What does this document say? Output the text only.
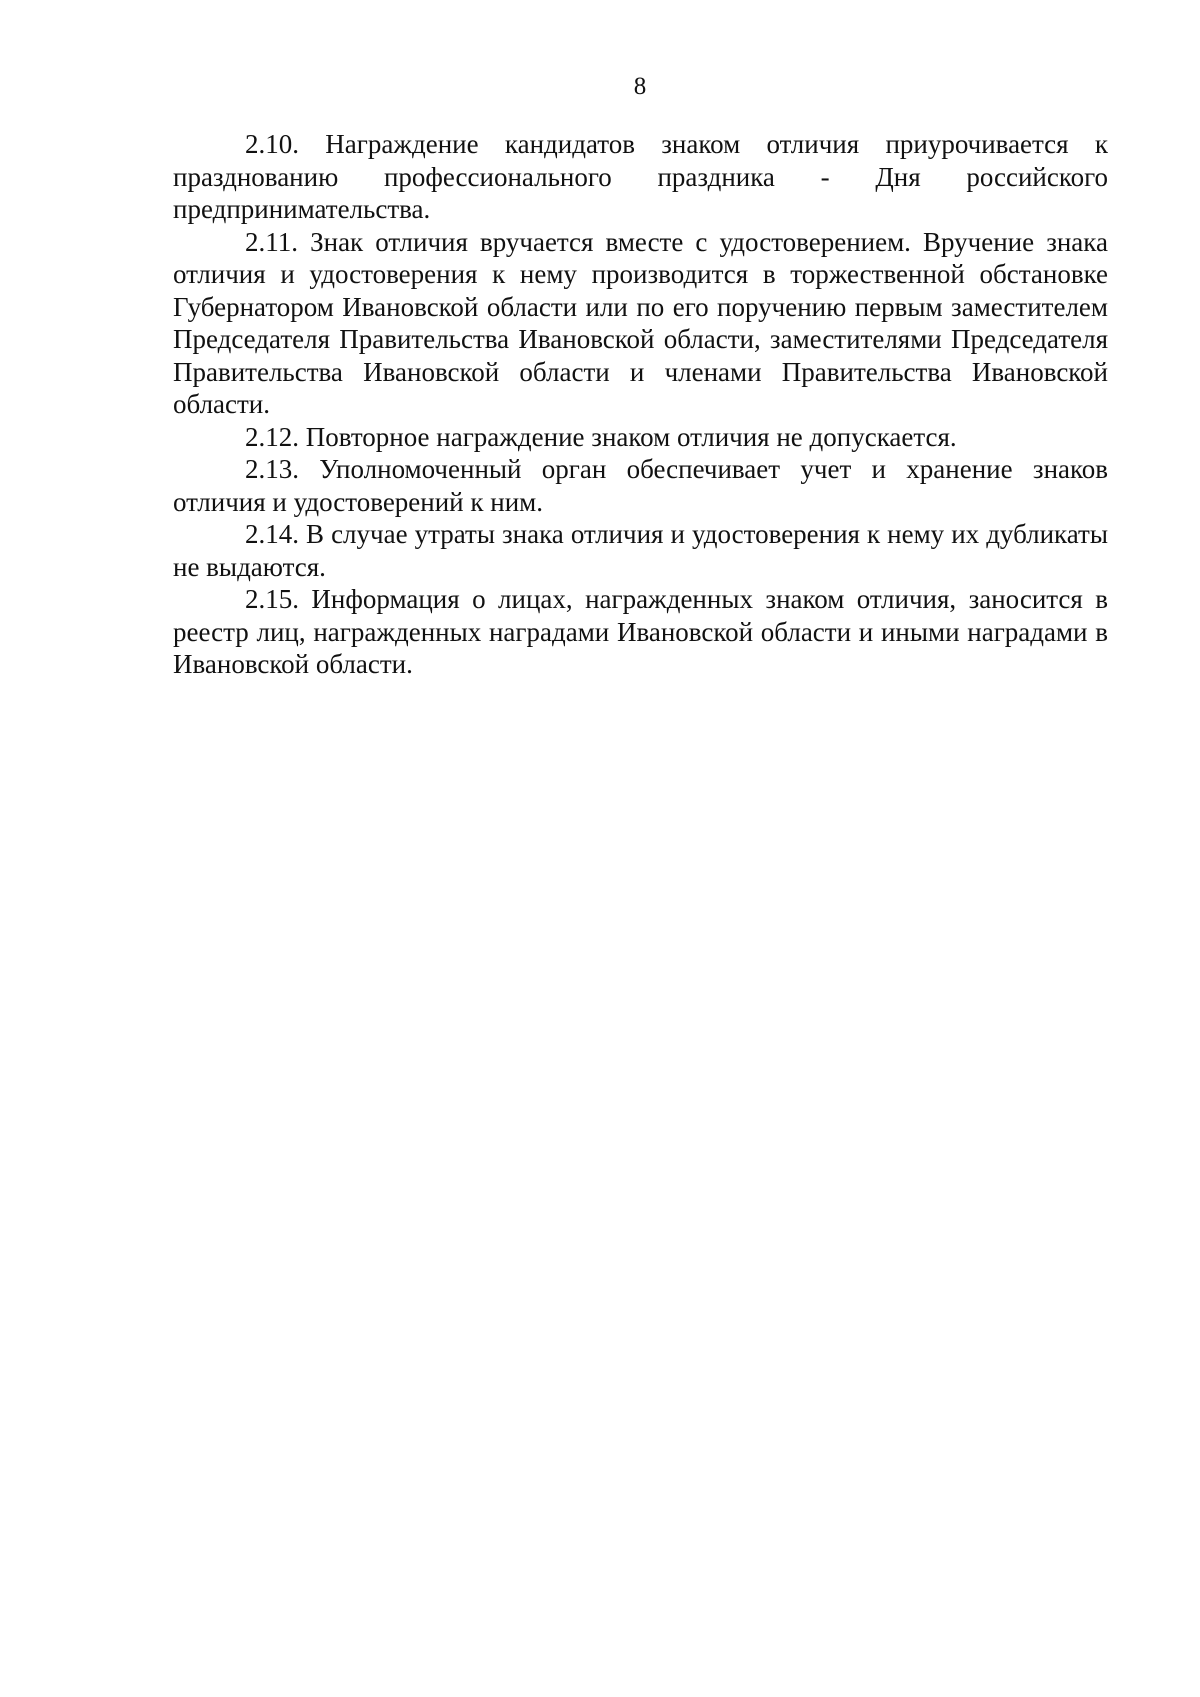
8

2.10. Награждение кандидатов знаком отличия приурочивается к празднованию профессионального праздника - Дня российского предпринимательства.

2.11. Знак отличия вручается вместе с удостоверением. Вручение знака отличия и удостоверения к нему производится в торжественной обстановке Губернатором Ивановской области или по его поручению первым заместителем Председателя Правительства Ивановской области, заместителями Председателя Правительства Ивановской области и членами Правительства Ивановской области.

2.12. Повторное награждение знаком отличия не допускается.

2.13. Уполномоченный орган обеспечивает учет и хранение знаков отличия и удостоверений к ним.

2.14. В случае утраты знака отличия и удостоверения к нему их дубликаты не выдаются.

2.15. Информация о лицах, награжденных знаком отличия, заносится в реестр лиц, награжденных наградами Ивановской области и иными наградами в Ивановской области.
